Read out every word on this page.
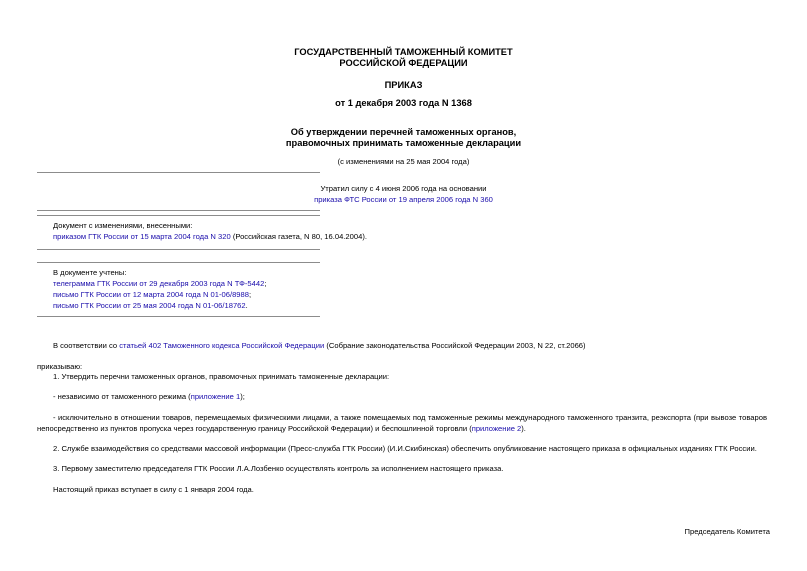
ГОСУДАРСТВЕННЫЙ ТАМОЖЕННЫЙ КОМИТЕТ
РОССИЙСКОЙ ФЕДЕРАЦИИ
ПРИКАЗ
от 1 декабря 2003 года N 1368
Об утверждении перечней таможенных органов,
правомочных принимать таможенные декларации
(с изменениями на 25 мая 2004 года)
Утратил силу с 4 июня 2006 года на основании
приказа ФТС России от 19 апреля 2006 года N 360
Документ с изменениями, внесенными:
приказом ГТК России от 15 марта 2004 года N 320 (Российская газета, N 80, 16.04.2004).
В документе учтены:
телеграмма ГТК России от 29 декабря 2003 года N ТФ-5442;
письмо ГТК России от 12 марта 2004 года N 01-06/8988;
письмо ГТК России от 25 мая 2004 года N 01-06/18762.
В соответствии со статьей 402 Таможенного кодекса Российской Федерации (Собрание законодательства Российской Федерации 2003, N 22, ст.2066)
приказываю:
1. Утвердить перечни таможенных органов, правомочных принимать таможенные декларации:
- независимо от таможенного режима (приложение 1);
- исключительно в отношении товаров, перемещаемых физическими лицами, а также помещаемых под таможенные режимы международного таможенного транзита, реэкспорта (при вывозе товаров непосредственно из пунктов пропуска через государственную границу Российской Федерации) и беспошлинной торговли (приложение 2).
2. Службе взаимодействия со средствами массовой информации (Пресс-служба ГТК России) (И.И.Скибинская) обеспечить опубликование настоящего приказа в официальных изданиях ГТК России.
3. Первому заместителю председателя ГТК России Л.А.Лозбенко осуществлять контроль за исполнением настоящего приказа.
Настоящий приказ вступает в силу с 1 января 2004 года.
Председатель Комитета
